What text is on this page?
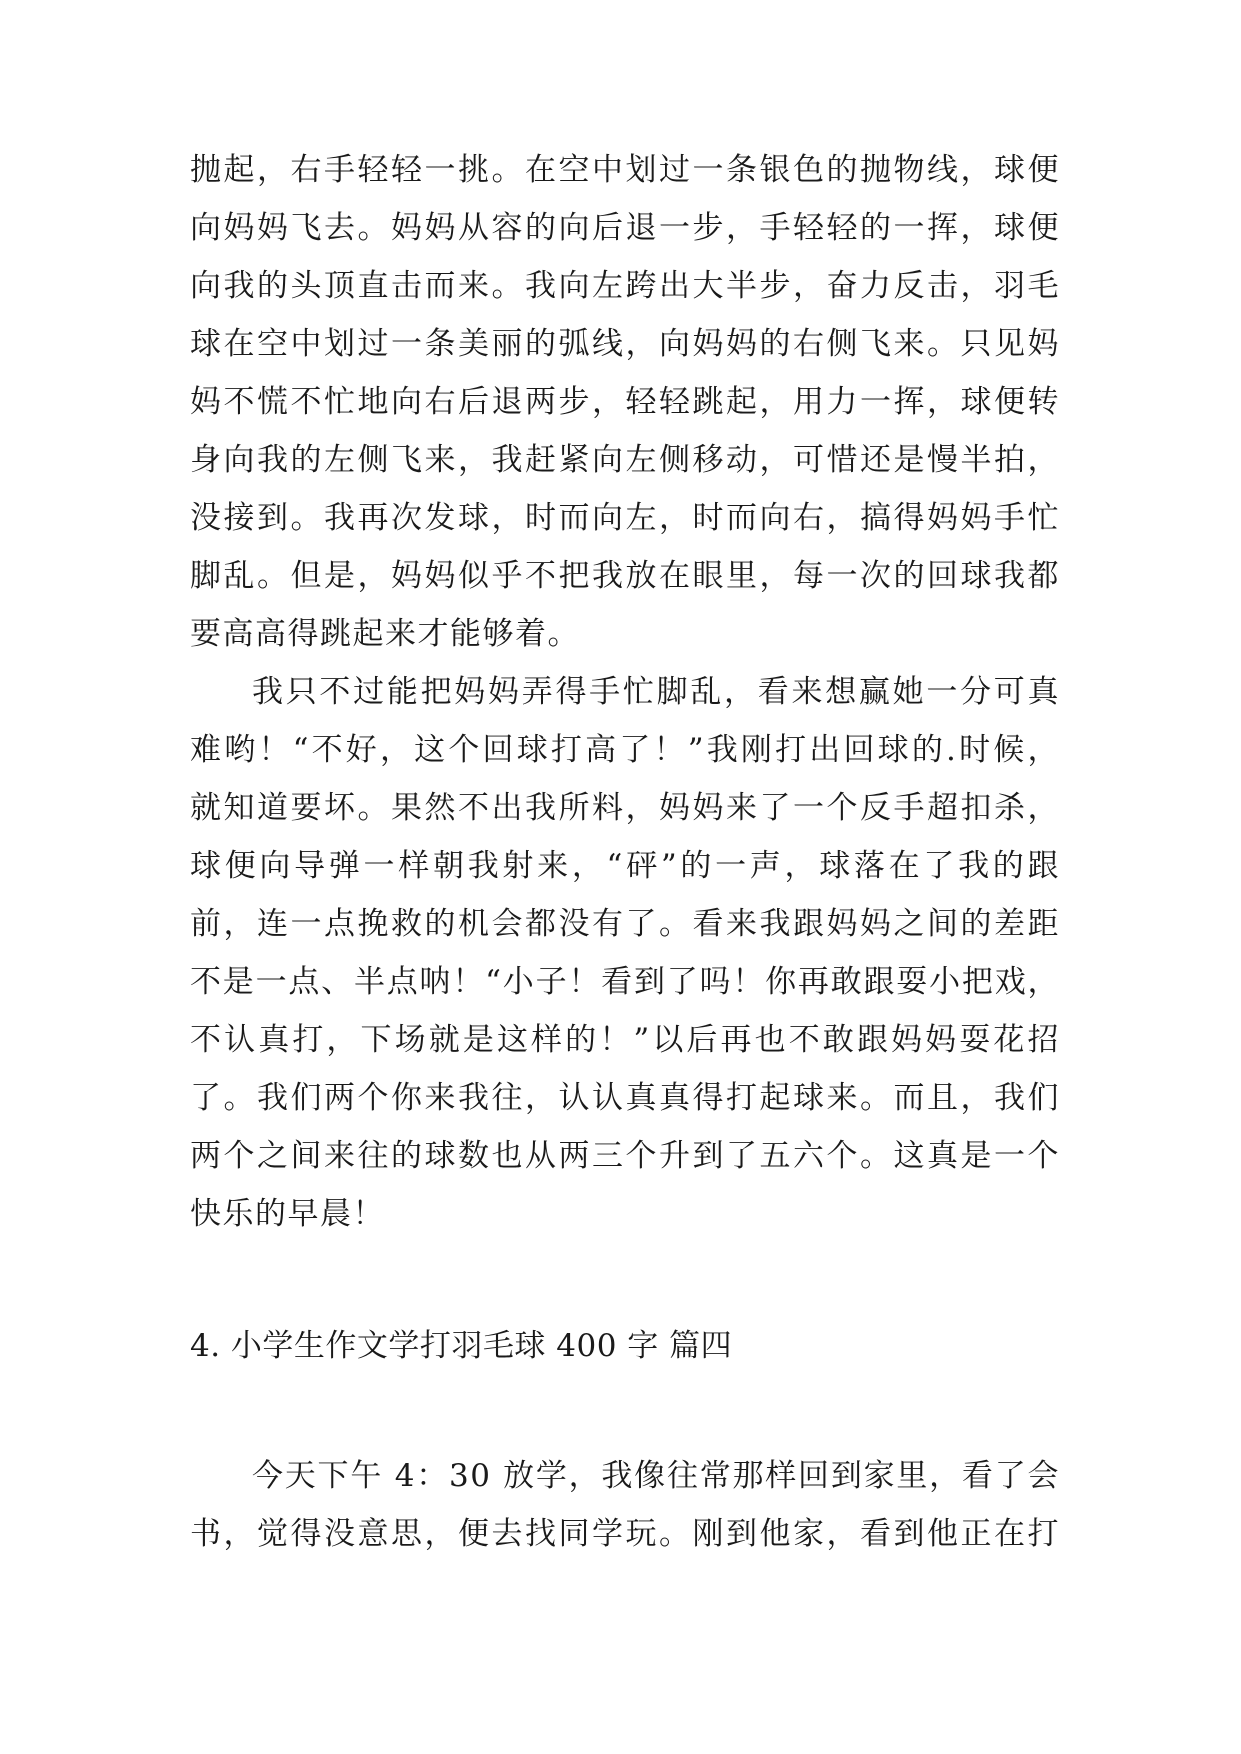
抛起，右手轻轻一挑。在空中划过一条银色的抛物线，球便
向妈妈飞去。妈妈从容的向后退一步，手轻轻的一挥，球便
向我的头顶直击而来。我向左跨出大半步，奋力反击，羽毛
球在空中划过一条美丽的弧线，向妈妈的右侧飞来。只见妈
妈不慌不忙地向右后退两步，轻轻跳起，用力一挥，球便转
身向我的左侧飞来，我赶紧向左侧移动，可惜还是慢半拍，
没接到。我再次发球，时而向左，时而向右，搞得妈妈手忙
脚乱。但是，妈妈似乎不把我放在眼里，每一次的回球我都
要高高得跳起来才能够着。
我只不过能把妈妈弄得手忙脚乱，看来想赢她一分可真
难哟！“不好，这个回球打高了！”我刚打出回球的.时候，
就知道要坏。果然不出我所料，妈妈来了一个反手超扣杀，
球便向导弹一样朝我射来，“砰”的一声，球落在了我的跟
前，连一点挽救的机会都没有了。看来我跟妈妈之间的差距
不是一点、半点呐！“小子！看到了吗！你再敢跟耍小把戏，
不认真打，下场就是这样的！”以后再也不敢跟妈妈耍花招
了。我们两个你来我往，认认真真得打起球来。而且，我们
两个之间来往的球数也从两三个升到了五六个。这真是一个
快乐的早晨！
4. 小学生作文学打羽毛球 400 字 篇四
今天下午 4：30 放学，我像往常那样回到家里，看了会
书，觉得没意思，便去找同学玩。刚到他家，看到他正在打
